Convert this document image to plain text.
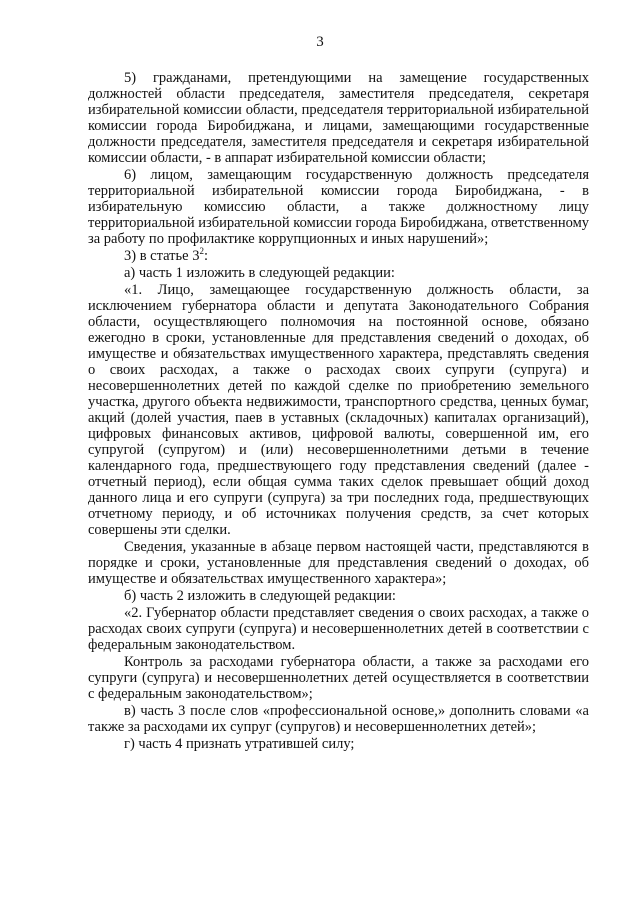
3

5) гражданами, претендующими на замещение государственных должностей области председателя, заместителя председателя, секретаря избирательной комиссии области, председателя территориальной избирательной комиссии города Биробиджана, и лицами, замещающими государственные должности председателя, заместителя председателя и секретаря избирательной комиссии области, - в аппарат избирательной комиссии области;

6) лицом, замещающим государственную должность председателя территориальной избирательной комиссии города Биробиджана, - в избирательную комиссию области, а также должностному лицу территориальной избирательной комиссии города Биробиджана, ответственному за работу по профилактике коррупционных и иных нарушений»;

3) в статье $3^2$:

а) часть 1 изложить в следующей редакции:

«1. Лицо, замещающее государственную должность области, за исключением губернатора области и депутата Законодательного Собрания области, осуществляющего полномочия на постоянной основе, обязано ежегодно в сроки, установленные для представления сведений о доходах, об имуществе и обязательствах имущественного характера, представлять сведения о своих расходах, а также о расходах своих супруги (супруга) и несовершеннолетних детей по каждой сделке по приобретению земельного участка, другого объекта недвижимости, транспортного средства, ценных бумаг, акций (долей участия, паев в уставных (складочных) капиталах организаций), цифровых финансовых активов, цифровой валюты, совершенной им, его супругой (супругом) и (или) несовершеннолетними детьми в течение календарного года, предшествующего году представления сведений (далее - отчетный период), если общая сумма таких сделок превышает общий доход данного лица и его супруги (супруга) за три последних года, предшествующих отчетному периоду, и об источниках получения средств, за счет которых совершены эти сделки.

Сведения, указанные в абзаце первом настоящей части, представляются в порядке и сроки, установленные для представления сведений о доходах, об имуществе и обязательствах имущественного характера»;

б) часть 2 изложить в следующей редакции:

«2. Губернатор области представляет сведения о своих расходах, а также о расходах своих супруги (супруга) и несовершеннолетних детей в соответствии с федеральным законодательством.

Контроль за расходами губернатора области, а также за расходами его супруги (супруга) и несовершеннолетних детей осуществляется в соответствии с федеральным законодательством»;

в) часть 3 после слов «профессиональной основе,» дополнить словами «а также за расходами их супруг (супругов) и несовершеннолетних детей»;

г) часть 4 признать утратившей силу;
